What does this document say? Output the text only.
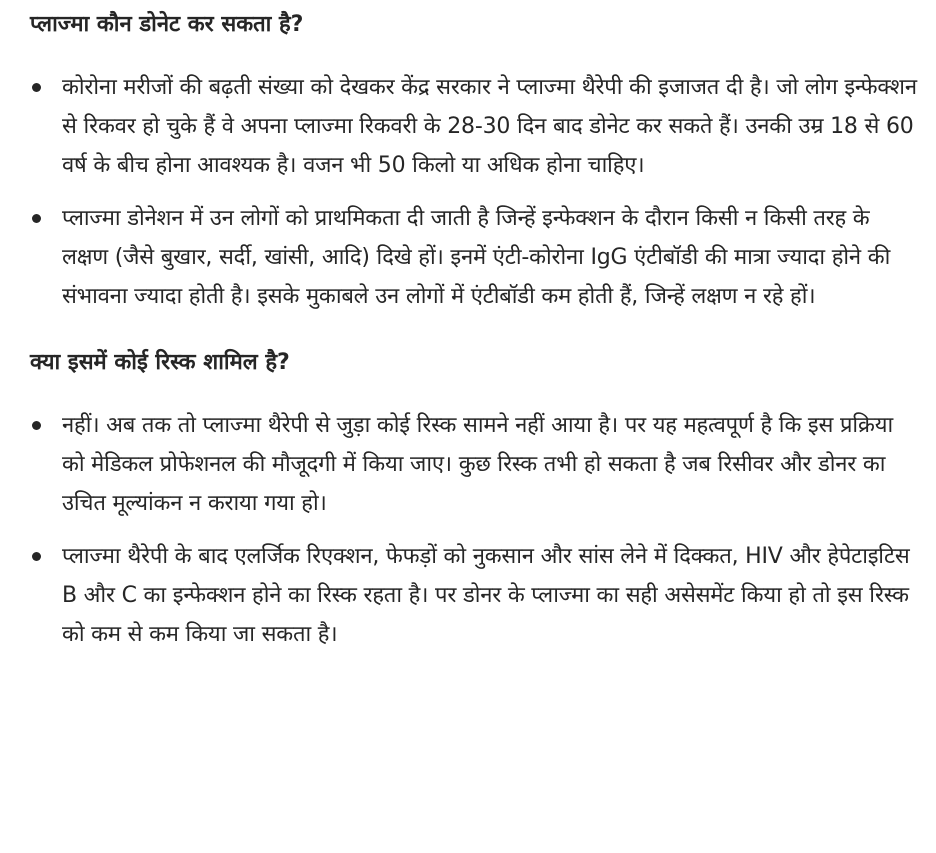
प्लाज्मा कौन डोनेट कर सकता है?
कोरोना मरीजों की बढ़ती संख्या को देखकर केंद्र सरकार ने प्लाज्मा थैरेपी की इजाजत दी है। जो लोग इन्फेक्शन से रिकवर हो चुके हैं वे अपना प्लाज्मा रिकवरी के 28-30 दिन बाद डोनेट कर सकते हैं। उनकी उम्र 18 से 60 वर्ष के बीच होना आवश्यक है। वजन भी 50 किलो या अधिक होना चाहिए।
प्लाज्मा डोनेशन में उन लोगों को प्राथमिकता दी जाती है जिन्हें इन्फेक्शन के दौरान किसी न किसी तरह के लक्षण (जैसे बुखार, सर्दी, खांसी, आदि) दिखे हों। इनमें एंटी-कोरोना IgG एंटीबॉडी की मात्रा ज्यादा होने की संभावना ज्यादा होती है। इसके मुकाबले उन लोगों में एंटीबॉडी कम होती हैं, जिन्हें लक्षण न रहे हों।
क्या इसमें कोई रिस्क शामिल है?
नहीं। अब तक तो प्लाज्मा थैरेपी से जुड़ा कोई रिस्क सामने नहीं आया है। पर यह महत्वपूर्ण है कि इस प्रक्रिया को मेडिकल प्रोफेशनल की मौजूदगी में किया जाए। कुछ रिस्क तभी हो सकता है जब रिसीवर और डोनर का उचित मूल्यांकन न कराया गया हो।
प्लाज्मा थैरेपी के बाद एलर्जिक रिएक्शन, फेफड़ों को नुकसान और सांस लेने में दिक्कत, HIV और हेपेटाइटिस B और C का इन्फेक्शन होने का रिस्क रहता है। पर डोनर के प्लाज्मा का सही असेसमेंट किया हो तो इस रिस्क को कम से कम किया जा सकता है।
